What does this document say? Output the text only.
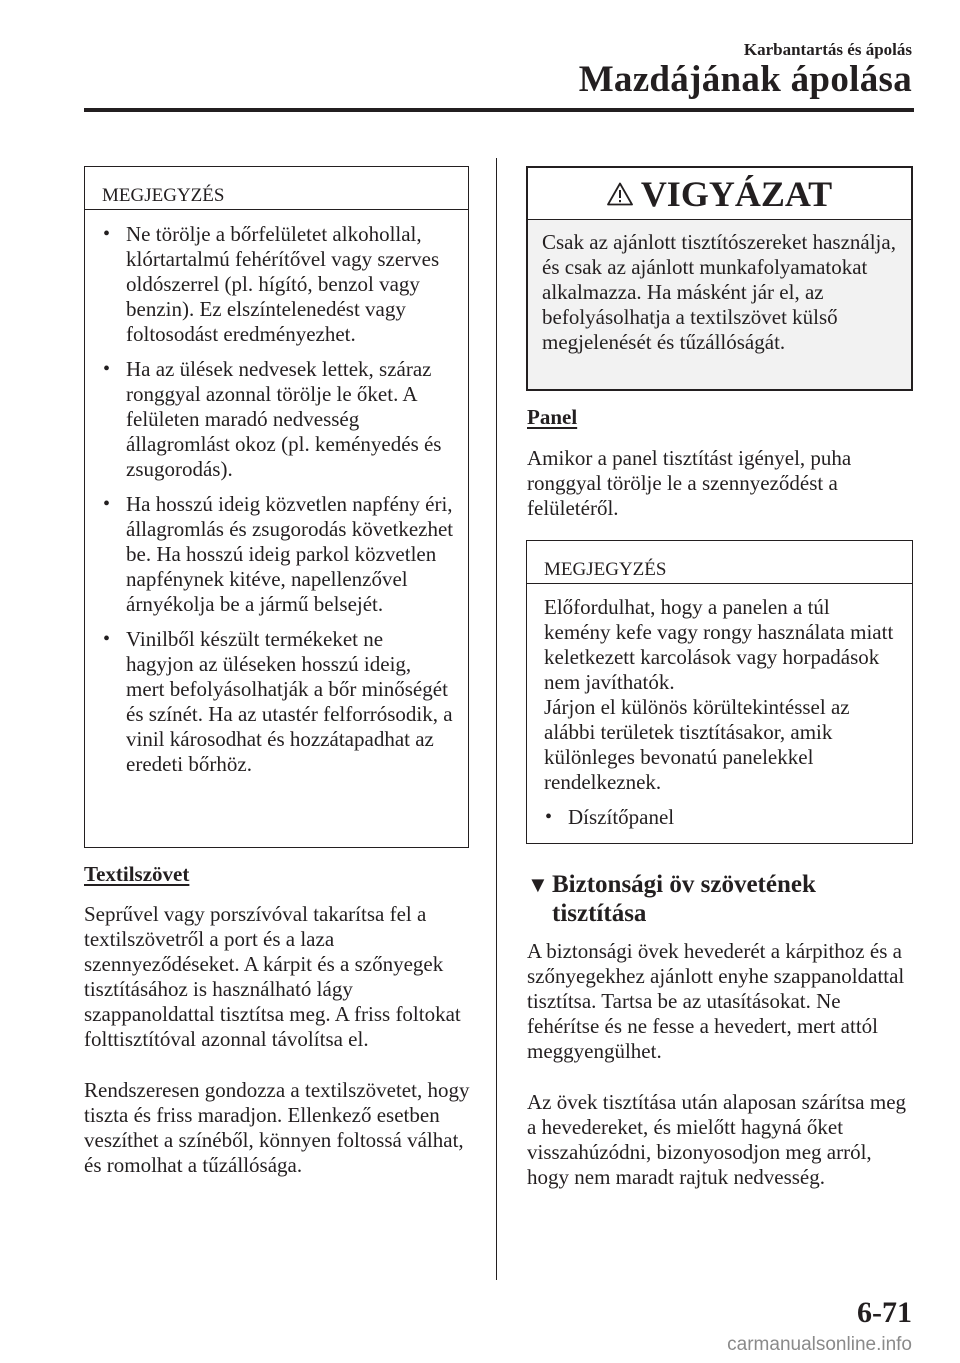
Karbantartás és ápolás
Mazdájának ápolása
MEGJEGYZÉS
• Ne törölje a bőrfelületet alkohollal, klórtartalmú fehérítővel vagy szerves oldószerrel (pl. hígító, benzol vagy benzin). Ez elszíntelenedést vagy foltosodást eredményezhet.
• Ha az ülések nedvesek lettek, száraz ronggyal azonnal törölje le őket. A felületen maradó nedvesség állagromlást okoz (pl. keményedés és zsugorodás).
• Ha hosszú ideig közvetlen napfény éri, állagromlás és zsugorodás következhet be. Ha hosszú ideig parkol közvetlen napfénynek kitéve, napellenzővel árnyékolja be a jármű belsejét.
• Vinilből készült termékeket ne hagyjon az üléseken hosszú ideig, mert befolyásolhatják a bőr minőségét és színét. Ha az utastér felforrósodik, a vinil károsodhat és hozzátapadhat az eredeti bőrhöz.
Textilszövet
Seprűvel vagy porszívóval takarítsa fel a textilszövetről a port és a laza szennyeződéseket. A kárpit és a szőnyegek tisztításához is használható lágy szappanoldattal tisztítsa meg. A friss foltokat folttisztítóval azonnal távolítsa el.
Rendszeresen gondozza a textilszövetet, hogy tiszta és friss maradjon. Ellenkező esetben veszíthet a színéből, könnyen foltossá válhat, és romolhat a tűzállósága.
VIGYÁZAT
Csak az ajánlott tisztítószereket használja, és csak az ajánlott munkafolyamatokat alkalmazza. Ha másként jár el, az befolyásolhatja a textilszövet külső megjelenését és tűzállóságát.
Panel
Amikor a panel tisztítást igényel, puha ronggyal törölje le a szennyeződést a felületéről.
MEGJEGYZÉS
Előfordulhat, hogy a panelen a túl kemény kefe vagy rongy használata miatt keletkezett karcolások vagy horpadások nem javíthatók.
Járjon el különös körültekintéssel az alábbi területek tisztításakor, amik különleges bevonatú panelekkel rendelkeznek.
• Díszítőpanel
▼ Biztonsági öv szövetének tisztítása
A biztonsági övek hevederét a kárpithoz és a szőnyegekhez ajánlott enyhe szappanoldattal tisztítsa. Tartsa be az utasításokat. Ne fehérítse és ne fesse a hevedert, mert attól meggyengülhet.
Az övek tisztítása után alaposan szárítsa meg a hevedereket, és mielőtt hagyná őket visszahúzódni, bizonyosodjon meg arról, hogy nem maradt rajtuk nedvesség.
6-71
carmanualsonline.info
